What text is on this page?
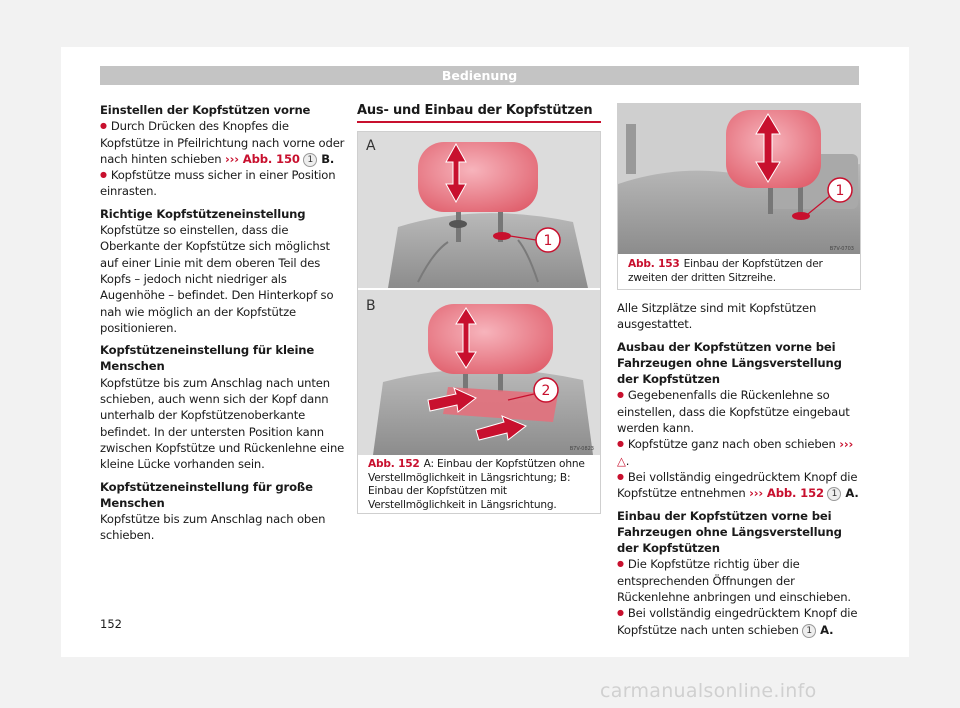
Bedienung

Einstellen der Kopfstützen vorne

● Durch Drücken des Knopfes die Kopfstütze in Pfeilrichtung nach vorne oder nach hinten schieben ››› Abb. 150 1 B.

● Kopfstütze muss sicher in einer Position einrasten.

Richtige Kopfstützeneinstellung

Kopfstütze so einstellen, dass die Oberkante der Kopfstütze sich möglichst auf einer Linie mit dem oberen Teil des Kopfs – jedoch nicht niedriger als Augenhöhe – befindet. Den Hinterkopf so nah wie möglich an der Kopfstütze positionieren.

Kopfstützeneinstellung für kleine Menschen

Kopfstütze bis zum Anschlag nach unten schieben, auch wenn sich der Kopf dann unterhalb der Kopfstützenoberkante befindet. In der untersten Position kann zwischen Kopfstütze und Rückenlehne eine kleine Lücke vorhanden sein.

Kopfstützeneinstellung für große Menschen

Kopfstütze bis zum Anschlag nach oben schieben.

Aus- und Einbau der Kopfstützen
1
A
2
B
B7V-0823
Abb. 152 A: Einbau der Kopfstützen ohne Verstellmöglichkeit in Längsrichtung; B: Einbau der Kopfstützen mit Verstellmöglichkeit in Längsrichtung.
1
B7V-0703
Abb. 153 Einbau der Kopfstützen der zweiten der dritten Sitzreihe.

Alle Sitzplätze sind mit Kopfstützen ausgestattet.

Ausbau der Kopfstützen vorne bei Fahrzeugen ohne Längsverstellung der Kopfstützen

● Gegebenenfalls die Rückenlehne so einstellen, dass die Kopfstütze eingebaut werden kann.

● Kopfstütze ganz nach oben schieben ››› △.

● Bei vollständig eingedrücktem Knopf die Kopfstütze entnehmen ››› Abb. 152 1 A.

Einbau der Kopfstützen vorne bei Fahrzeugen ohne Längsverstellung der Kopfstützen

● Die Kopfstütze richtig über die entsprechenden Öffnungen der Rückenlehne anbringen und einschieben.

● Bei vollständig eingedrücktem Knopf die Kopfstütze nach unten schieben 1 A.

152
carmanualsonline.info
